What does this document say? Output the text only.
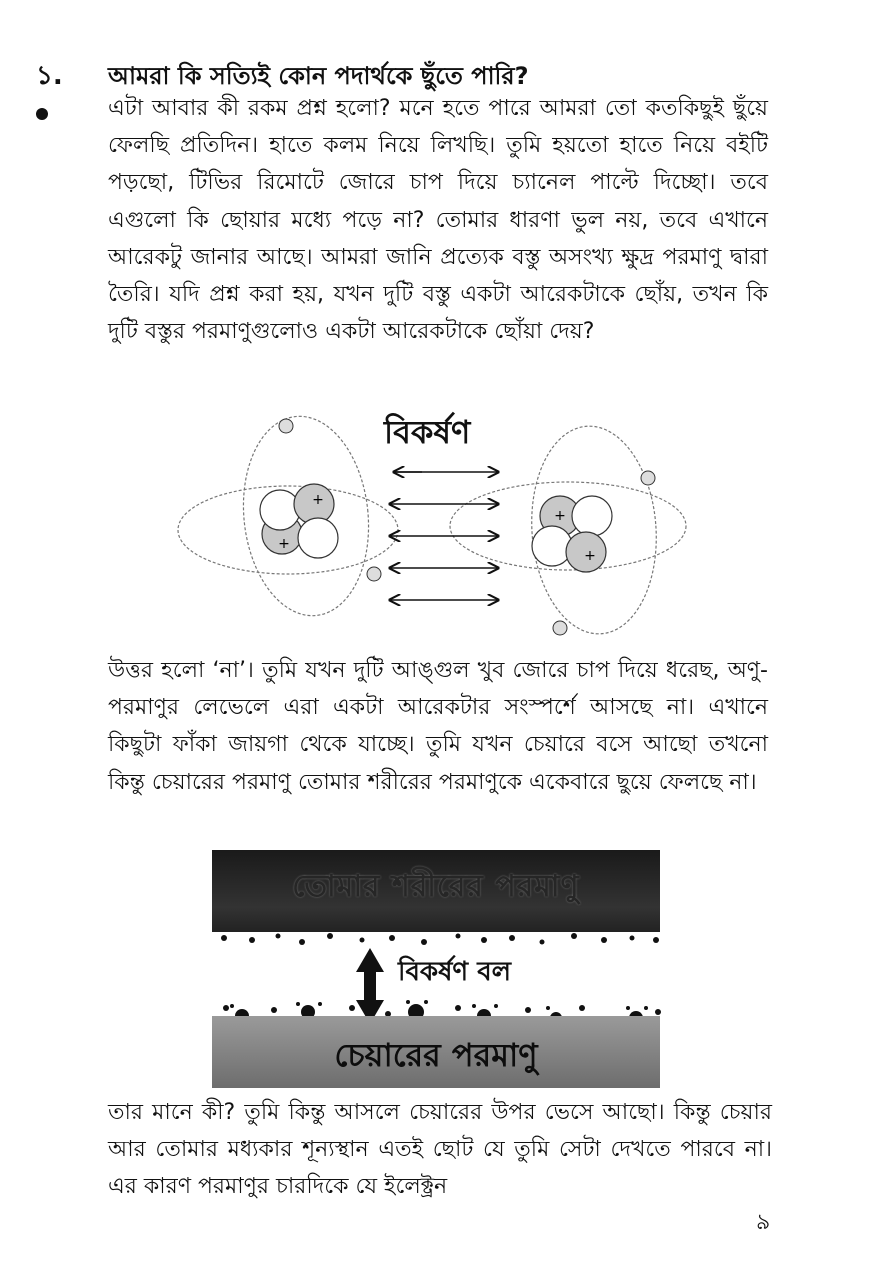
১. আমরা কি সত্যিই কোন পদার্থকে ছুঁতে পারি?

এটা আবার কী রকম প্রশ্ন হলো? মনে হতে পারে আমরা তো কতকিছুই ছুঁয়ে ফেলছি প্রতিদিন। হাতে কলম নিয়ে লিখছি। তুমি হয়তো হাতে নিয়ে বইটি পড়ছো, টিভির রিমোটে জোরে চাপ দিয়ে চ্যানেল পাল্টে দিচ্ছো। তবে এগুলো কি ছোয়ার মধ্যে পড়ে না? তোমার ধারণা ভুল নয়, তবে এখানে আরেকটু জানার আছে। আমরা জানি প্রত্যেক বস্তু অসংখ্য ক্ষুদ্র পরমাণু দ্বারা তৈরি। যদি প্রশ্ন করা হয়, যখন দুটি বস্তু একটা আরেকটাকে ছোঁয়, তখন কি দুটি বস্তুর পরমাণুগুলোও একটা আরেকটাকে ছোঁয়া দেয়?

+
+
+
+
বিকর্ষণ

উত্তর হলো ‘না’। তুমি যখন দুটি আঙ্গুল খুব জোরে চাপ দিয়ে ধরেছ, অণু-পরমাণুর লেভেলে এরা একটা আরেকটার সংস্পর্শে আসছে না। এখানে কিছুটা ফাঁকা জায়গা থেকে যাচ্ছে। তুমি যখন চেয়ারে বসে আছো তখনো কিন্তু চেয়ারের পরমাণু তোমার শরীরের পরমাণুকে একেবারে ছুয়ে ফেলছে না।

তোমার শরীরের পরমাণু
বিকর্ষণ বল
চেয়ারের পরমাণু

তার মানে কী? তুমি কিন্তু আসলে চেয়ারের উপর ভেসে আছো। কিন্তু চেয়ার আর তোমার মধ্যকার শূন্যস্থান এতই ছোট যে তুমি সেটা দেখতে পারবে না। এর কারণ পরমাণুর চারদিকে যে ইলেক্ট্রন

৯
